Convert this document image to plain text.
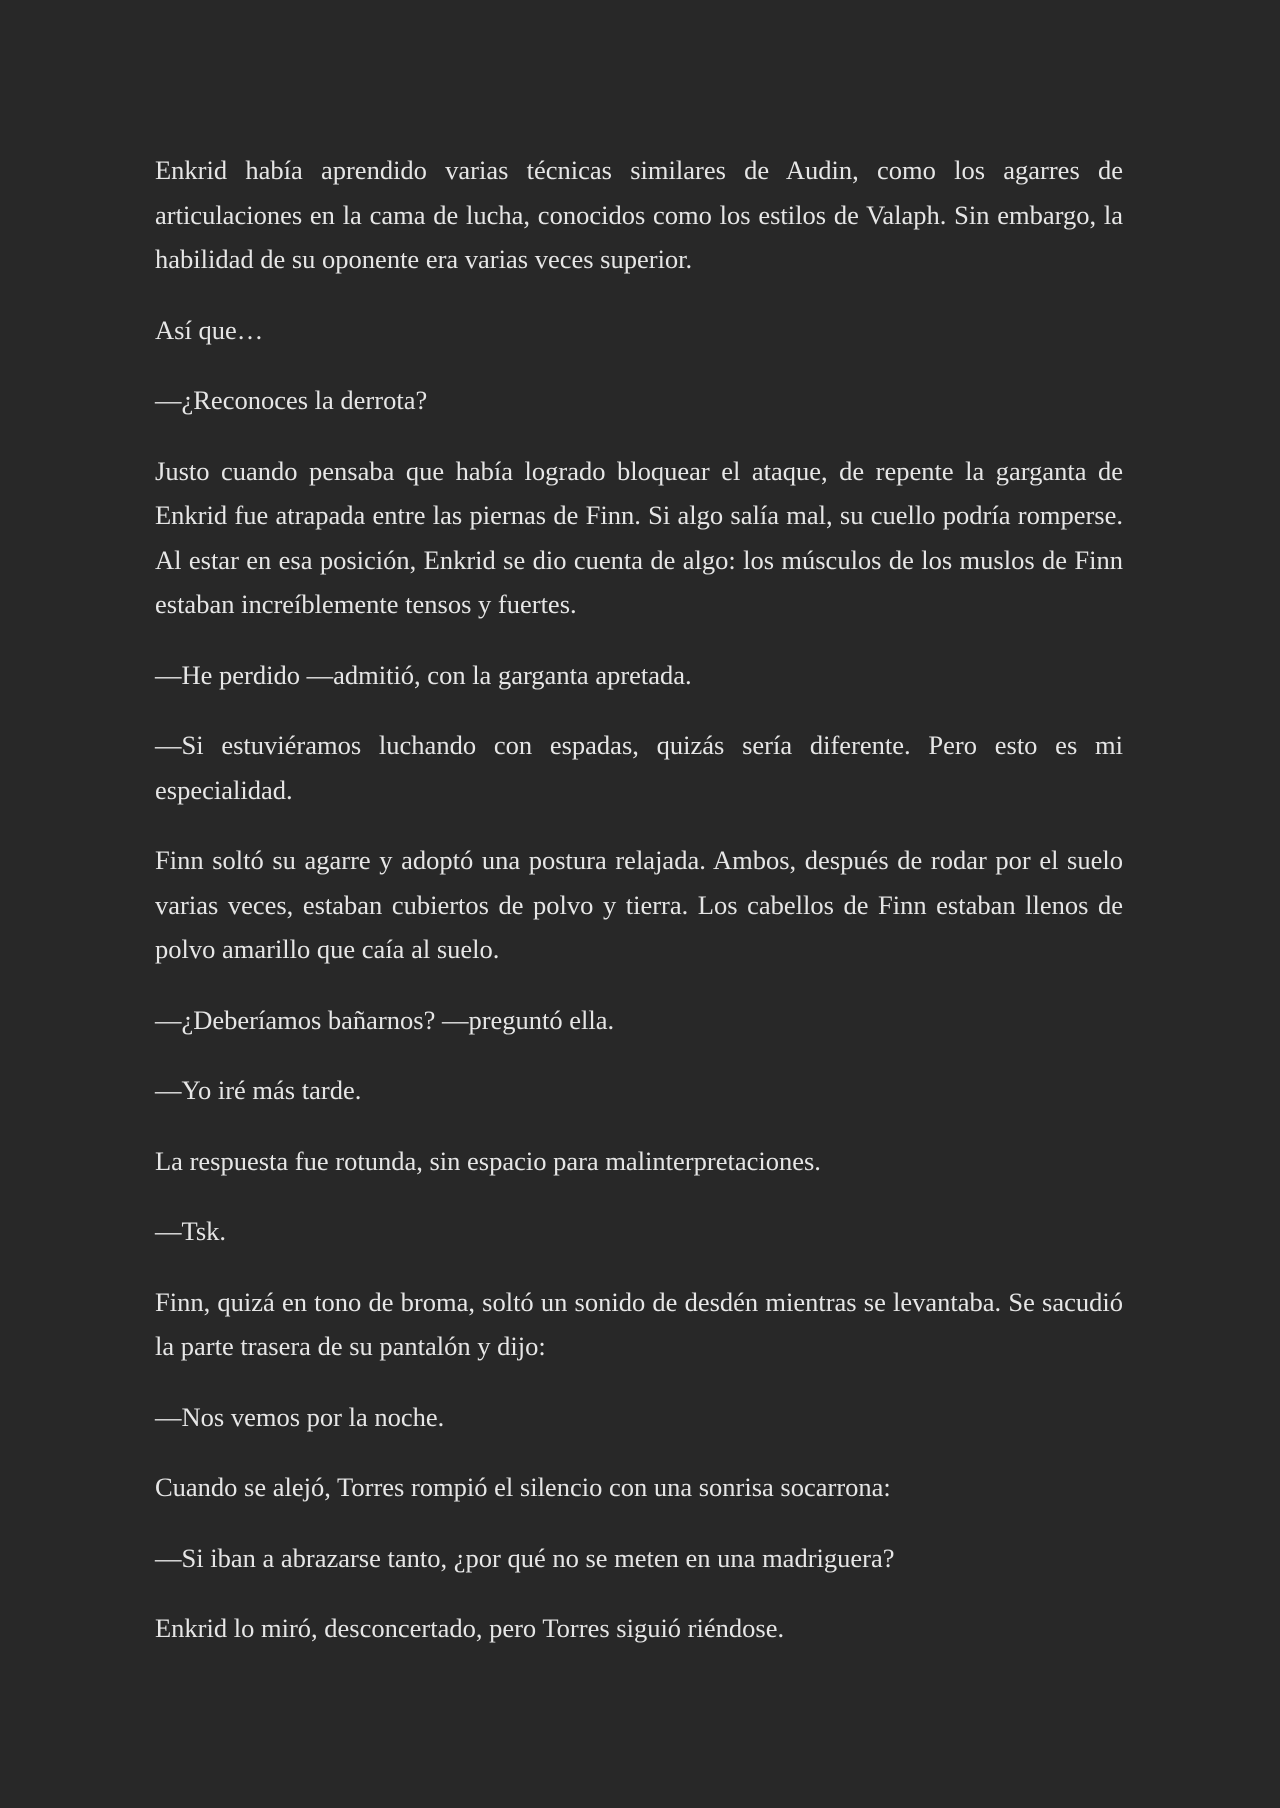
Enkrid había aprendido varias técnicas similares de Audin, como los agarres de articulaciones en la cama de lucha, conocidos como los estilos de Valaph. Sin embargo, la habilidad de su oponente era varias veces superior.

Así que…

—¿Reconoces la derrota?

Justo cuando pensaba que había logrado bloquear el ataque, de repente la garganta de Enkrid fue atrapada entre las piernas de Finn. Si algo salía mal, su cuello podría romperse. Al estar en esa posición, Enkrid se dio cuenta de algo: los músculos de los muslos de Finn estaban increíblemente tensos y fuertes.

—He perdido —admitió, con la garganta apretada.

—Si estuviéramos luchando con espadas, quizás sería diferente. Pero esto es mi especialidad.

Finn soltó su agarre y adoptó una postura relajada. Ambos, después de rodar por el suelo varias veces, estaban cubiertos de polvo y tierra. Los cabellos de Finn estaban llenos de polvo amarillo que caía al suelo.

—¿Deberíamos bañarnos? —preguntó ella.

—Yo iré más tarde.

La respuesta fue rotunda, sin espacio para malinterpretaciones.

—Tsk.

Finn, quizá en tono de broma, soltó un sonido de desdén mientras se levantaba. Se sacudió la parte trasera de su pantalón y dijo:

—Nos vemos por la noche.

Cuando se alejó, Torres rompió el silencio con una sonrisa socarrona:

—Si iban a abrazarse tanto, ¿por qué no se meten en una madriguera?

Enkrid lo miró, desconcertado, pero Torres siguió riéndose.
